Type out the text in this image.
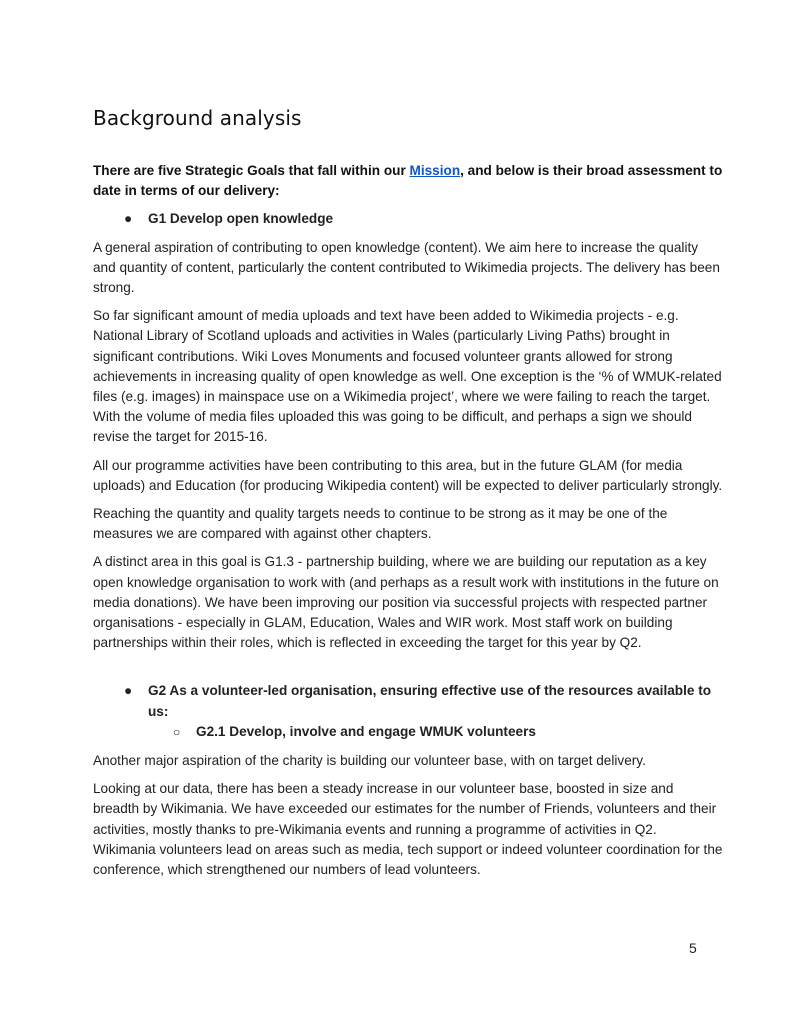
Background analysis

There are five Strategic Goals that fall within our Mission, and below is their broad assessment to date in terms of our delivery:

● G1 Develop open knowledge

A general aspiration of contributing to open knowledge (content). We aim here to increase the quality and quantity of content, particularly the content contributed to Wikimedia projects. The delivery has been strong.

So far significant amount of media uploads and text have been added to Wikimedia projects - e.g. National Library of Scotland uploads and activities in Wales (particularly Living Paths) brought in significant contributions. Wiki Loves Monuments and focused volunteer grants allowed for strong achievements in increasing quality of open knowledge as well. One exception is the ‘% of WMUK-related files (e.g. images) in mainspace use on a Wikimedia project’, where we were failing to reach the target. With the volume of media files uploaded this was going to be difficult, and perhaps a sign we should revise the target for 2015-16.

All our programme activities have been contributing to this area, but in the future GLAM (for media uploads) and Education (for producing Wikipedia content) will be expected to deliver particularly strongly.

Reaching the quantity and quality targets needs to continue to be strong as it may be one of the measures we are compared with against other chapters.

A distinct area in this goal is G1.3 - partnership building, where we are building our reputation as a key open knowledge organisation to work with (and perhaps as a result work with institutions in the future on media donations). We have been improving our position via successful projects with respected partner organisations - especially in GLAM, Education, Wales and WIR work. Most staff work on building partnerships within their roles, which is reflected in exceeding the target for this year by Q2.

● G2 As a volunteer-led organisation, ensuring effective use of the resources available to us:
○ G2.1 Develop, involve and engage WMUK volunteers

Another major aspiration of the charity is building our volunteer base, with on target delivery.

Looking at our data, there has been a steady increase in our volunteer base, boosted in size and breadth by Wikimania. We have exceeded our estimates for the number of Friends, volunteers and their activities, mostly thanks to pre-Wikimania events and running a programme of activities in Q2. Wikimania volunteers lead on areas such as media, tech support or indeed volunteer coordination for the conference, which strengthened our numbers of lead volunteers.

5
